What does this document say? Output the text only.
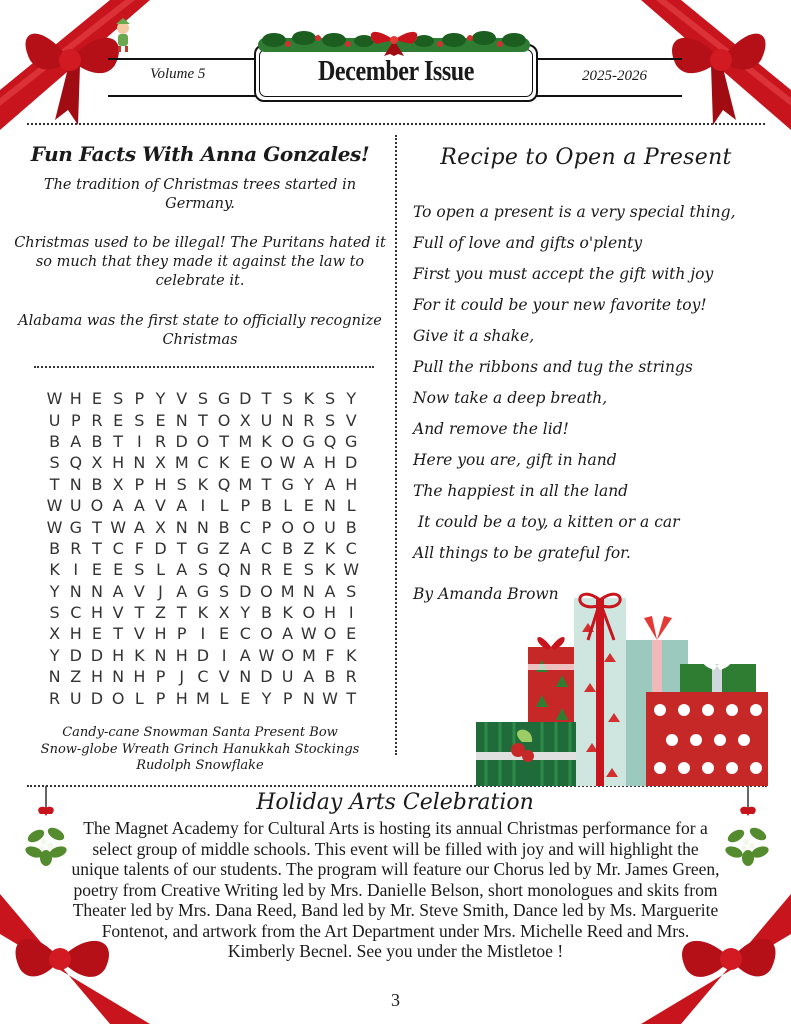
Volume 5	December Issue	2025-2026
Fun Facts With Anna Gonzales!
The tradition of Christmas trees started in Germany.
Christmas used to be illegal! The Puritans hated it so much that they made it against the law to celebrate it.
Alabama was the first state to officially recognize Christmas
W H E S P Y V S G D T S K S Y
U P R E S E N T O X U N R S V
B A B T I R D O T M K O G Q G
S Q X H N X M C K E O W A H D
T N B X P H S K Q M T G Y A H
W U O A A V A I L P B L E N L
W G T W A X N N B C P O O U B
B R T C F D T G Z A C B Z K C
K I E E S L A S Q N R E S K W
Y N N A V J A G S D O M N A S
S C H V T Z T K X Y B K O H I
X H E T V H P I E C O A W O E
Y D D H K N H D I A W O M F K
N Z H N H P J C V N D U A B R
R U D O L P H M L E Y P N W T
Candy-cane Snowman Santa Present Bow
Snow-globe Wreath Grinch Hanukkah Stockings
Rudolph Snowflake
Recipe to Open a Present
To open a present is a very special thing,
Full of love and gifts o'plenty
First you must accept the gift with joy
For it could be your new favorite toy!
Give it a shake,
Pull the ribbons and tug the strings
Now take a deep breath,
And remove the lid!
Here you are, gift in hand
The happiest in all the land
It could be a toy, a kitten or a car
All things to be grateful for.
By Amanda Brown
Holiday Arts Celebration
The Magnet Academy for Cultural Arts is hosting its annual Christmas performance for a select group of middle schools. This event will be filled with joy and will highlight the unique talents of our students. The program will feature our Chorus led by Mr. James Green, poetry from Creative Writing led by Mrs. Danielle Belson, short monologues and skits from Theater led by Mrs. Dana Reed, Band led by Mr. Steve Smith, Dance led by Ms. Marguerite Fontenot, and artwork from the Art Department under Mrs. Michelle Reed and Mrs. Kimberly Becnel. See you under the Mistletoe !
3
